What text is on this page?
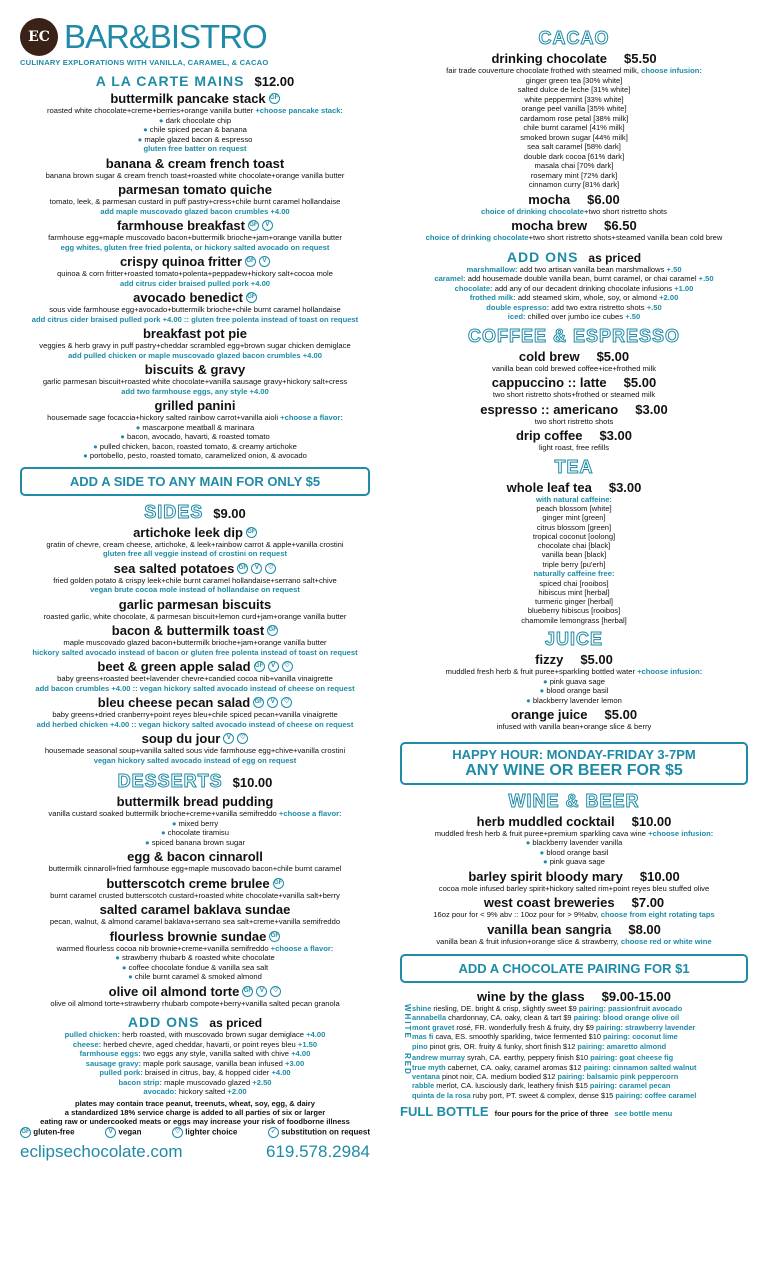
EC BAR&BISTRO
CULINARY EXPLORATIONS WITH VANILLA, CARAMEL, & CACAO
A LA CARTE MAINS $12.00
buttermilk pancake stack GF
roasted white chocolate+creme+berries+orange vanilla butter +choose pancake stack:
● dark chocolate chip
● chile spiced pecan & banana
● maple glazed bacon & espresso
gluten free batter on request
banana & cream french toast
banana brown sugar & cream french toast+roasted white chocolate+orange vanilla butter
parmesan tomato quiche
tomato, leek, & parmesan custard in puff pastry+cress+chile burnt caramel hollandaise
add maple muscovado glazed bacon crumbles +4.00
farmhouse breakfast GF	V
farmhouse egg+maple muscovado bacon+buttermilk brioche+jam+orange vanilla butter
egg whites, gluten free fried polenta, or hickory salted avocado on request
crispy quinoa fritter GF	V
quinoa & corn fritter+roasted tomato+polenta+peppadew+hickory salt+cocoa mole
add citrus cider braised pulled pork +4.00
avocado benedict GF
sous vide farmhouse egg+avocado+buttermilk brioche+chile burnt caramel hollandaise
add citrus cider braised pulled pork +4.00 :: gluten free polenta instead of toast on request
breakfast pot pie
veggies & herb gravy in puff pastry+cheddar scrambled egg+brown sugar chicken demiglace
add pulled chicken or maple muscovado glazed bacon crumbles +4.00
biscuits & gravy
garlic parmesan biscuit+roasted white chocolate+vanilla sausage gravy+hickory salt+cress
add two farmhouse eggs, any style +4.00
grilled panini
housemade sage focaccia+hickory salted rainbow carrot+vanilla aioli +choose a flavor:
● mascarpone meatball & marinara
● bacon, avocado, havarti, & roasted tomato
● pulled chicken, bacon, roasted tomato, & creamy artichoke
● portobello, pesto, roasted tomato, caramelized onion, & avocado
ADD A SIDE TO ANY MAIN FOR ONLY $5
SIDES $9.00
artichoke leek dip GF
gratin of chevre, cream cheese, artichoke, & leek+rainbow carrot & apple+vanilla crostini
gluten free all veggie instead of crostini on request
sea salted potatoes GF	V	♡
fried golden potato & crispy leek+chile burnt caramel hollandaise+serrano salt+chive
vegan brute cocoa mole instead of hollandaise on request
garlic parmesan biscuits
roasted garlic, white chocolate, & parmesan biscuit+lemon curd+jam+orange vanilla butter
bacon & buttermilk toast GF
maple muscovado glazed bacon+buttermilk brioche+jam+orange vanilla butter
hickory salted avocado instead of bacon or gluten free polenta instead of toast on request
beet & green apple salad GF	V	♡
baby greens+roasted beet+lavender chevre+candied cocoa nib+vanilla vinaigrette
add bacon crumbles +4.00 :: vegan hickory salted avocado instead of cheese on request
bleu cheese pecan salad GF	V	♡
baby greens+dried cranberry+point reyes bleu+chile spiced pecan+vanilla vinaigrette
add herbed chicken +4.00 :: vegan hickory salted avocado instead of cheese on request
soup du jour	V	♡
housemade seasonal soup+vanilla salted sous vide farmhouse egg+chive+vanilla crostini
vegan hickory salted avocado instead of egg on request
DESSERTS $10.00
buttermilk bread pudding
vanilla custard soaked buttermilk brioche+creme+vanilla semifreddo +choose a flavor:
● mixed berry
● chocolate tiramisu
● spiced banana brown sugar
egg & bacon cinnaroll
buttermilk cinnaroll+fried farmhouse egg+maple muscovado bacon+chile burnt caramel
butterscotch creme brulee GF
burnt caramel crusted butterscotch custard+roasted white chocolate+vanilla salt+berry
salted caramel baklava sundae
pecan, walnut, & almond caramel baklava+serrano sea salt+creme+vanilla semifreddo
flourless brownie sundae GF
warmed flourless cocoa nib brownie+creme+vanilla semifreddo +choose a flavor:
● strawberry rhubarb & roasted white chocolate
● coffee chocolate fondue & vanilla sea salt
● chile burnt caramel & smoked almond
olive oil almond torte GF	V	♡
olive oil almond torte+strawberry rhubarb compote+berry+vanilla salted pecan granola
ADD ONS as priced
pulled chicken: herb roasted, with muscovado brown sugar demiglace +4.00
cheese: herbed chevre, aged cheddar, havarti, or point reyes bleu +1.50
farmhouse eggs: two eggs any style, vanilla salted with chive +4.00
sausage gravy: maple pork sausage, vanilla bean infused +3.00
pulled pork: braised in citrus, bay, & hopped cider +4.00
bacon strip: maple muscovado glazed +2.50
avocado: hickory salted +2.00
plates may contain trace peanut, treenuts, wheat, soy, egg, & dairy
a standardized 18% service charge is added to all parties of six or larger
eating raw or undercooked meats or eggs may increase your risk of foodborne illness
GF gluten-free	V vegan	♡ lighter choice	✓ substitution on request
eclipsechocolate.com	619.578.2984
CACAO
drinking chocolate $5.50
fair trade couverture chocolate frothed with steamed milk, choose infusion:
ginger green tea [30% white]
salted dulce de leche [31% white]
white peppermint [33% white]
orange peel vanilla [35% white]
cardamom rose petal [38% milk]
chile burnt caramel [41% milk]
smoked brown sugar [44% milk]
sea salt caramel [58% dark]
double dark cocoa [61% dark]
masala chai [70% dark]
rosemary mint [72% dark]
cinnamon curry [81% dark]
mocha $6.00
choice of drinking chocolate+two short ristretto shots
mocha brew $6.50
choice of drinking chocolate+two short ristretto shots+steamed vanilla bean cold brew
ADD ONS as priced
marshmallow: add two artisan vanilla bean marshmallows +.50
caramel: add housemade double vanilla bean, burnt caramel, or chai caramel +.50
chocolate: add any of our decadent drinking chocolate infusions +1.00
frothed milk: add steamed skim, whole, soy, or almond +2.00
double espresso: add two extra ristretto shots +.50
iced: chilled over jumbo ice cubes +.50
COFFEE & ESPRESSO
cold brew $5.00
vanilla bean cold brewed coffee+ice+frothed milk
cappuccino :: latte $5.00
two short ristretto shots+frothed or steamed milk
espresso :: americano $3.00
two short ristretto shots
drip coffee $3.00
light roast, free refills
TEA
whole leaf tea $3.00
with natural caffeine:
peach blossom [white]
ginger mint [green]
citrus blossom [green]
tropical coconut [oolong]
chocolate chai [black]
vanilla bean [black]
triple berry [pu'erh]
naturally caffeine free:
spiced chai [rooibos]
hibiscus mint [herbal]
turmeric ginger [herbal]
blueberry hibiscus [rooibos]
chamomile lemongrass [herbal]
JUICE
fizzy $5.00
muddled fresh herb & fruit puree+sparkling bottled water +choose infusion:
● pink guava sage
● blood orange basil
● blackberry lavender lemon
orange juice $5.00
infused with vanilla bean+orange slice & berry
HAPPY HOUR: MONDAY-FRIDAY 3-7PM
ANY WINE OR BEER FOR $5
WINE & BEER
herb muddled cocktail $10.00
muddled fresh herb & fruit puree+premium sparkling cava wine +choose infusion:
● blackberry lavender vanilla
● blood orange basil
● pink guava sage
barley spirit bloody mary $10.00
cocoa mole infused barley spirit+hickory salted rim+point reyes bleu stuffed olive
west coast breweries $7.00
16oz pour for < 9% abv :: 10oz pour for > 9%abv, choose from eight rotating taps
vanilla bean sangria $8.00
vanilla bean & fruit infusion+orange slice & strawberry, choose red or white wine
ADD A CHOCOLATE PAIRING FOR $1
wine by the glass $9.00-15.00
WHITE shine riesling, DE. bright & crisp, slightly sweet $9 pairing: passionfruit avocado
annabella chardonnay, CA. oaky, clean & tart $9 pairing: blood orange olive oil
mont gravet rosé, FR. wonderfully fresh & fruity, dry $9 pairing: strawberry lavender
mas fi cava, ES. smoothly sparkling, twice fermented $10 pairing: coconut lime
pino pinot gris, OR. fruity & funky, short finish $12 pairing: amaretto almond
RED andrew murray syrah, CA. earthy, peppery finish $10 pairing: goat cheese fig
true myth cabernet, CA. oaky, caramel aromas $12 pairing: cinnamon salted walnut
ventana pinot noir, CA. medium bodied $12 pairing: balsamic pink peppercorn
rabble merlot, CA. lusciously dark, leathery finish $15 pairing: caramel pecan
quinta de la rosa ruby port, PT. sweet & complex, dense $15 pairing: coffee caramel
FULL BOTTLE four pours for the price of three see bottle menu
